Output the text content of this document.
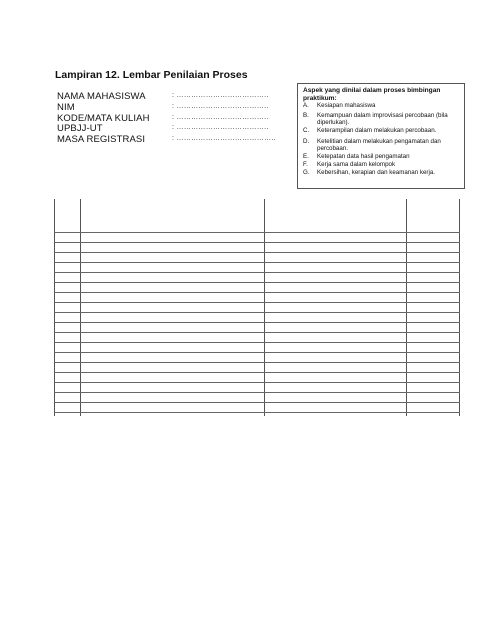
Lampiran 12. Lembar Penilaian Proses
NAMA MAHASISWA	: ………………………………..
NIM	: ………………………………..
KODE/MATA KULIAH	: ………………………………..
UPBJJ-UT	: ………………………………..
MASA REGISTRASI	: …………………………………..
Aspek yang dinilai dalam proses bimbingan praktikum:
A. Kesiapan mahasiswa
B. Kemampuan dalam improvisasi percobaan (bila diperlukan).
C. Keterampilan dalam melakukan percobaan.
D. Ketelitian dalam melakukan pengamatan dan percobaan.
E. Ketepatan data hasil pengamatan
F. Kerja sama dalam kelompok
G. Kebersihan, kerapian dan keamanan kerja.
